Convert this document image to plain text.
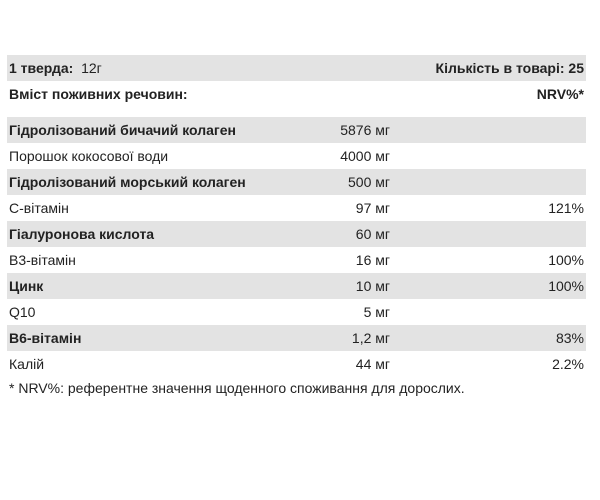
1 тверда: 12г	Кількість в товарі: 25
Вміст поживних речовин:	NRV%*
Гідролізований бичачий колаген	5876 мг
Порошок кокосової води	4000 мг
Гідролізований морський колаген	500 мг
C-вітамін	97 мг	121%
Гіалуронова кислота	60 мг
B3-вітамін	16 мг	100%
Цинк	10 мг	100%
Q10	5 мг
B6-вітамін	1,2 мг	83%
Калій	44 мг	2.2%
* NRV%: референтне значення щоденного споживання для дорослих.
